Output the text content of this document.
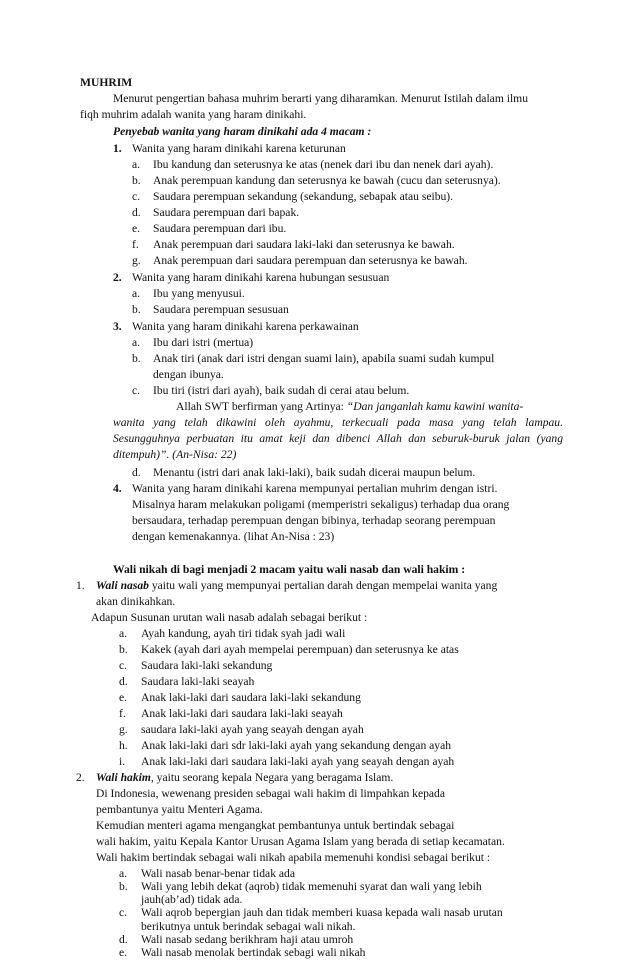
MUHRIM
Menurut pengertian bahasa muhrim berarti yang diharamkan. Menurut Istilah dalam ilmu
fiqh muhrim adalah wanita yang haram dinikahi.
Penyebab wanita yang haram dinikahi ada 4 macam :
1. Wanita yang haram dinikahi karena keturunan
a. Ibu kandung dan seterusnya ke atas (nenek dari ibu dan nenek dari ayah).
b. Anak perempuan kandung dan seterusnya ke bawah (cucu dan seterusnya).
c. Saudara perempuan sekandung (sekandung, sebapak atau seibu).
d. Saudara perempuan dari bapak.
e. Saudara perempuan dari ibu.
f. Anak perempuan dari saudara laki-laki dan seterusnya ke bawah.
g. Anak perempuan dari saudara perempuan dan seterusnya ke bawah.
2. Wanita yang haram dinikahi karena hubungan sesusuan
a. Ibu yang menyusui.
b. Saudara perempuan sesusuan
3. Wanita yang haram dinikahi karena perkawainan
a. Ibu dari istri (mertua)
b. Anak tiri (anak dari istri dengan suami lain), apabila suami sudah kumpul
dengan ibunya.
c. Ibu tiri (istri dari ayah), baik sudah di cerai atau belum.
Allah SWT berfirman yang Artinya: “Dan janganlah kamu kawini wanita-
wanita yang telah dikawini oleh ayahmu, terkecuali pada masa yang telah lampau.
Sesungguhnya perbuatan itu amat keji dan dibenci Allah dan seburuk-buruk jalan (yang
ditempuh)”. (An-Nisa: 22)
d. Menantu (istri dari anak laki-laki), baik sudah dicerai maupun belum.
4. Wanita yang haram dinikahi karena mempunyai pertalian muhrim dengan istri.
Misalnya haram melakukan poligami (memperistri sekaligus) terhadap dua orang
bersaudara, terhadap perempuan dengan bibinya, terhadap seorang perempuan
dengan kemenakannya. (lihat An-Nisa : 23)
Wali nikah di bagi menjadi 2 macam yaitu wali nasab dan wali hakim :
1. Wali nasab yaitu wali yang mempunyai pertalian darah dengan mempelai wanita yang
akan dinikahkan.
Adapun Susunan urutan wali nasab adalah sebagai berikut :
a. Ayah kandung, ayah tiri tidak syah jadi wali
b. Kakek (ayah dari ayah mempelai perempuan) dan seterusnya ke atas
c. Saudara laki-laki sekandung
d. Saudara laki-laki seayah
e. Anak laki-laki dari saudara laki-laki sekandung
f. Anak laki-laki dari saudara laki-laki seayah
g. saudara laki-laki ayah yang seayah dengan ayah
h. Anak laki-laki dari sdr laki-laki ayah yang sekandung dengan ayah
i. Anak laki-laki dari saudara laki-laki ayah yang seayah dengan ayah
2. Wali hakim, yaitu seorang kepala Negara yang beragama Islam.
Di Indonesia, wewenang presiden sebagai wali hakim di limpahkan kepada
pembantunya yaitu Menteri Agama.
Kemudian menteri agama mengangkat pembantunya untuk bertindak sebagai
wali hakim, yaitu Kepala Kantor Urusan Agama Islam yang berada di setiap kecamatan.
Wali hakim bertindak sebagai wali nikah apabila memenuhi kondisi sebagai berikut :
a. Wali nasab benar-benar tidak ada
b. Wali yang lebih dekat (aqrob) tidak memenuhi syarat dan wali yang lebih
jauh(ab’ad) tidak ada.
c. Wali aqrob bepergian jauh dan tidak memberi kuasa kepada wali nasab urutan
berikutnya untuk berindak sebagai wali nikah.
d. Wali nasab sedang berikhram haji atau umroh
e. Wali nasab menolak bertindak sebagi wali nikah
